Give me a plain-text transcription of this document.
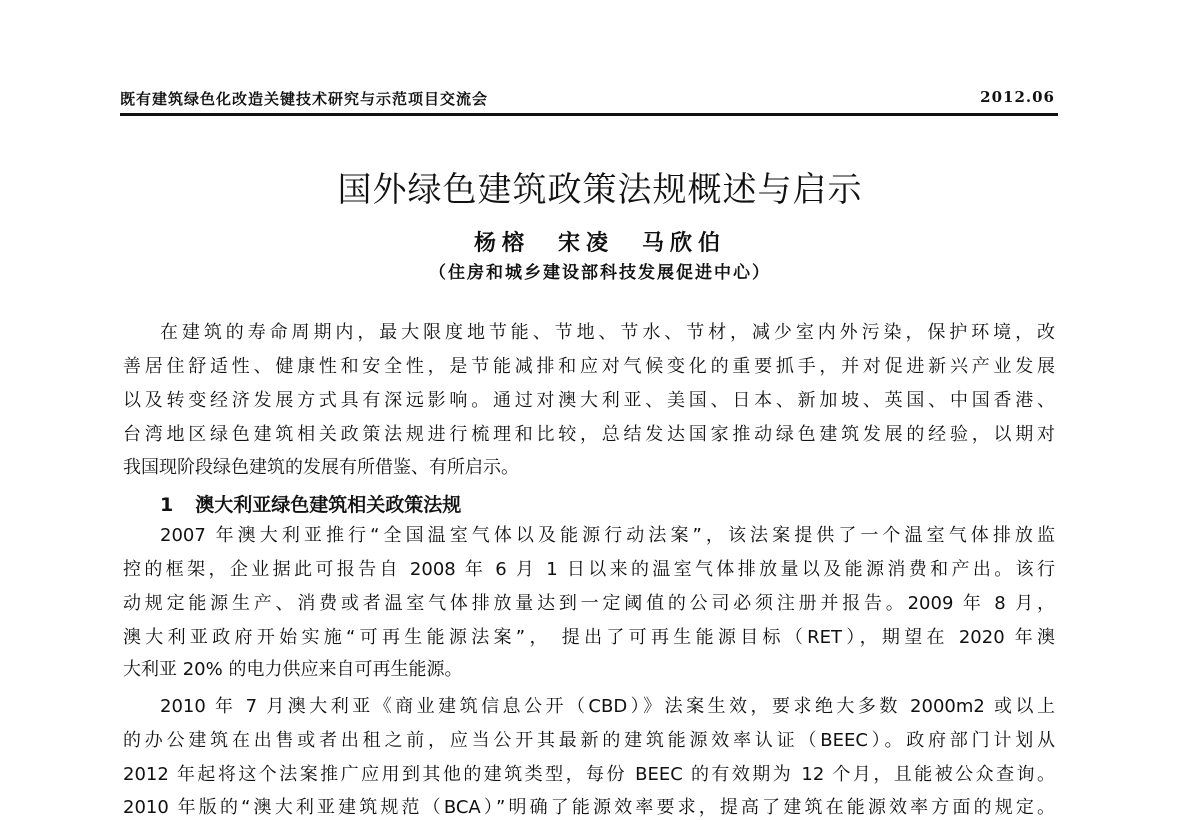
既有建筑绿色化改造关键技术研究与示范项目交流会	2012.06
国外绿色建筑政策法规概述与启示
杨榕　宋凌　马欣伯
（住房和城乡建设部科技发展促进中心）
在建筑的寿命周期内，最大限度地节能、节地、节水、节材，减少室内外污染，保护环境，改
善居住舒适性、健康性和安全性，是节能减排和应对气候变化的重要抓手，并对促进新兴产业发展
以及转变经济发展方式具有深远影响。通过对澳大利亚、美国、日本、新加坡、英国、中国香港、
台湾地区绿色建筑相关政策法规进行梳理和比较，总结发达国家推动绿色建筑发展的经验，以期对
我国现阶段绿色建筑的发展有所借鉴、有所启示。
1 澳大利亚绿色建筑相关政策法规
2007 年澳大利亚推行“全国温室气体以及能源行动法案”，该法案提供了一个温室气体排放监
控的框架，企业据此可报告自 2008 年 6 月 1 日以来的温室气体排放量以及能源消费和产出。该行
动规定能源生产、消费或者温室气体排放量达到一定阈值的公司必须注册并报告。2009 年 8 月，
澳大利亚政府开始实施“可再生能源法案”， 提出了可再生能源目标（RET），期望在 2020 年澳
大利亚 20% 的电力供应来自可再生能源。
2010 年 7 月澳大利亚《商业建筑信息公开（CBD）》法案生效，要求绝大多数 2000m2 或以上
的办公建筑在出售或者出租之前，应当公开其最新的建筑能源效率认证（BEEC）。政府部门计划从
2012 年起将这个法案推广应用到其他的建筑类型，每份 BEEC 的有效期为 12 个月，且能被公众查询。
2010 年版的“澳大利亚建筑规范（BCA）”明确了能源效率要求，提高了建筑在能源效率方面的规定。
